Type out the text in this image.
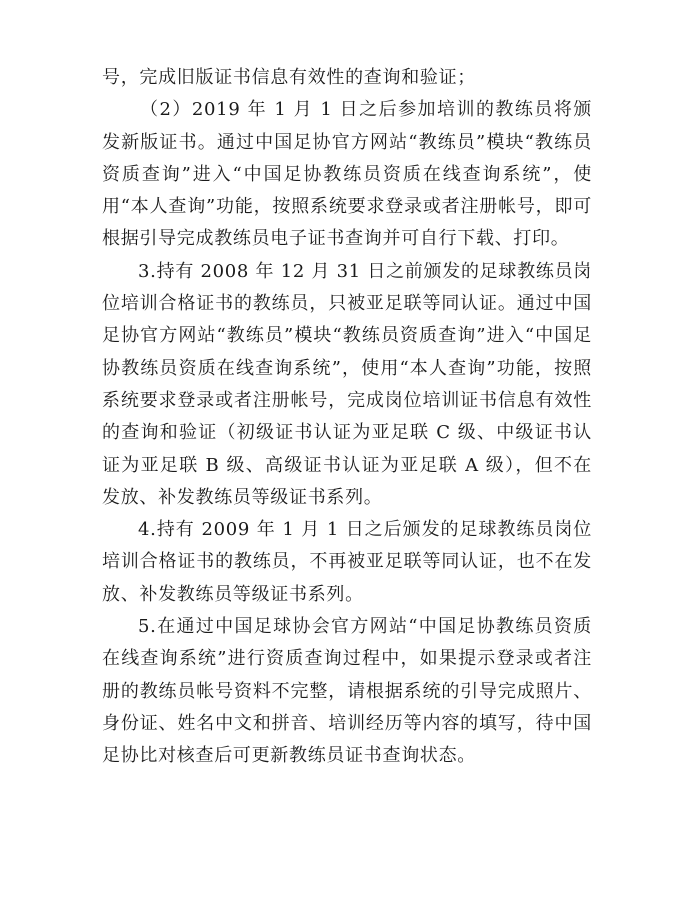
号，完成旧版证书信息有效性的查询和验证；

（2）2019 年 1 月 1 日之后参加培训的教练员将颁发新版证书。通过中国足协官方网站“教练员”模块“教练员资质查询”进入“中国足协教练员资质在线查询系统”，使用“本人查询”功能，按照系统要求登录或者注册帐号，即可根据引导完成教练员电子证书查询并可自行下载、打印。

3.持有 2008 年 12 月 31 日之前颁发的足球教练员岗位培训合格证书的教练员，只被亚足联等同认证。通过中国足协官方网站“教练员”模块“教练员资质查询”进入“中国足协教练员资质在线查询系统”，使用“本人查询”功能，按照系统要求登录或者注册帐号，完成岗位培训证书信息有效性的查询和验证（初级证书认证为亚足联 C 级、中级证书认证为亚足联 B 级、高级证书认证为亚足联 A 级），但不在发放、补发教练员等级证书系列。

4.持有 2009 年 1 月 1 日之后颁发的足球教练员岗位培训合格证书的教练员，不再被亚足联等同认证，也不在发放、补发教练员等级证书系列。

5.在通过中国足球协会官方网站“中国足协教练员资质在线查询系统”进行资质查询过程中，如果提示登录或者注册的教练员帐号资料不完整，请根据系统的引导完成照片、身份证、姓名中文和拼音、培训经历等内容的填写，待中国足协比对核查后可更新教练员证书查询状态。
